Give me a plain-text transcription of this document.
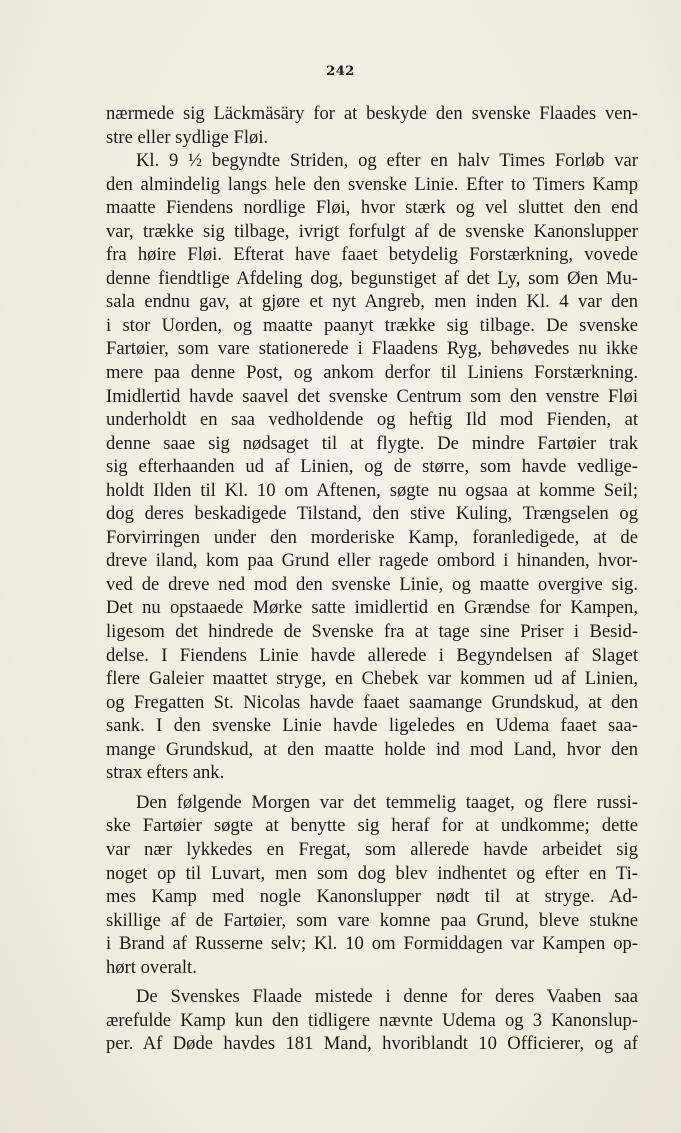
242
nærmede sig Läckmäsäry for at beskyde den svenske Flaades ven-
stre eller sydlige Fløi.
Kl. 9 ½ begyndte Striden, og efter en halv Times Forløb var
den almindelig langs hele den svenske Linie. Efter to Timers Kamp
maatte Fiendens nordlige Fløi, hvor stærk og vel sluttet den end
var, trække sig tilbage, ivrigt forfulgt af de svenske Kanonslupper
fra høire Fløi. Efterat have faaet betydelig Forstærkning, vovede
denne fiendtlige Afdeling dog, begunstiget af det Ly, som Øen Mu-
sala endnu gav, at gjøre et nyt Angreb, men inden Kl. 4 var den
i stor Uorden, og maatte paanyt trække sig tilbage. De svenske
Fartøier, som vare stationerede i Flaadens Ryg, behøvedes nu ikke
mere paa denne Post, og ankom derfor til Liniens Forstærkning.
Imidlertid havde saavel det svenske Centrum som den venstre Fløi
underholdt en saa vedholdende og heftig Ild mod Fienden, at
denne saae sig nødsaget til at flygte. De mindre Fartøier trak
sig efterhaanden ud af Linien, og de større, som havde vedlige-
holdt Ilden til Kl. 10 om Aftenen, søgte nu ogsaa at komme Seil;
dog deres beskadigede Tilstand, den stive Kuling, Trængselen og
Forvirringen under den morderiske Kamp, foranledigede, at de
dreve iland, kom paa Grund eller ragede ombord i hinanden, hvor-
ved de dreve ned mod den svenske Linie, og maatte overgive sig.
Det nu opstaaede Mørke satte imidlertid en Grændse for Kampen,
ligesom det hindrede de Svenske fra at tage sine Priser i Besid-
delse. I Fiendens Linie havde allerede i Begyndelsen af Slaget
flere Galeier maattet stryge, en Chebek var kommen ud af Linien,
og Fregatten St. Nicolas havde faaet saamange Grundskud, at den
sank. I den svenske Linie havde ligeledes en Udema faaet saa-
mange Grundskud, at den maatte holde ind mod Land, hvor den
strax efters ank.
Den følgende Morgen var det temmelig taaget, og flere russi-
ske Fartøier søgte at benytte sig heraf for at undkomme; dette
var nær lykkedes en Fregat, som allerede havde arbeidet sig
noget op til Luvart, men som dog blev indhentet og efter en Ti-
mes Kamp med nogle Kanonslupper nødt til at stryge. Ad-
skillige af de Fartøier, som vare komne paa Grund, bleve stukne
i Brand af Russerne selv; Kl. 10 om Formiddagen var Kampen op-
hørt overalt.
De Svenskes Flaade mistede i denne for deres Vaaben saa
ærefulde Kamp kun den tidligere nævnte Udema og 3 Kanonslup-
per. Af Døde havdes 181 Mand, hvoriblandt 10 Officierer, og af
